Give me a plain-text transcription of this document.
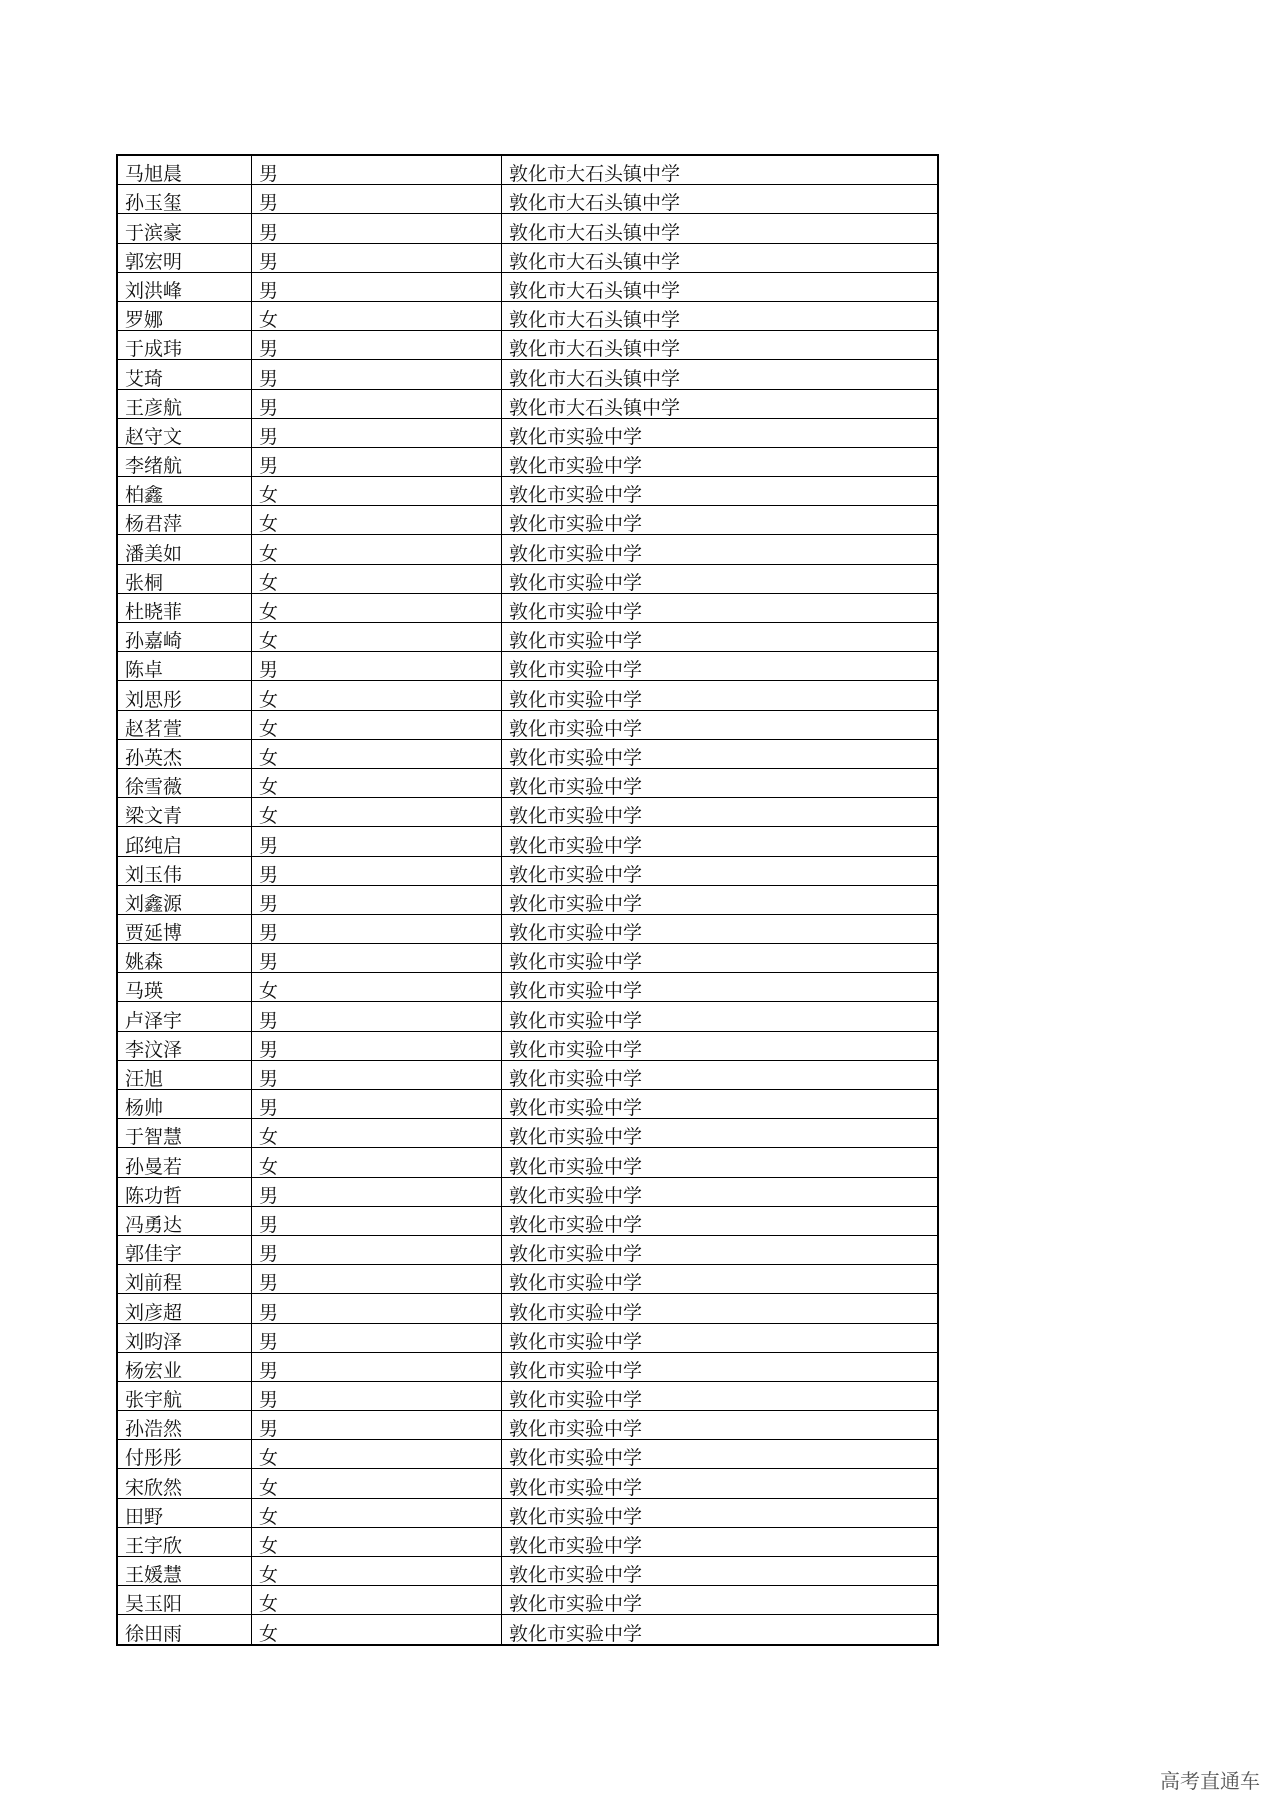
马旭晨	男	敦化市大石头镇中学
孙玉玺	男	敦化市大石头镇中学
于滨豪	男	敦化市大石头镇中学
郭宏明	男	敦化市大石头镇中学
刘洪峰	男	敦化市大石头镇中学
罗娜	女	敦化市大石头镇中学
于成玮	男	敦化市大石头镇中学
艾琦	男	敦化市大石头镇中学
王彦航	男	敦化市大石头镇中学
赵守文	男	敦化市实验中学
李绪航	男	敦化市实验中学
柏鑫	女	敦化市实验中学
杨君萍	女	敦化市实验中学
潘美如	女	敦化市实验中学
张桐	女	敦化市实验中学
杜晓菲	女	敦化市实验中学
孙嘉崎	女	敦化市实验中学
陈卓	男	敦化市实验中学
刘思彤	女	敦化市实验中学
赵茗萱	女	敦化市实验中学
孙英杰	女	敦化市实验中学
徐雪薇	女	敦化市实验中学
梁文青	女	敦化市实验中学
邱纯启	男	敦化市实验中学
刘玉伟	男	敦化市实验中学
刘鑫源	男	敦化市实验中学
贾延博	男	敦化市实验中学
姚森	男	敦化市实验中学
马瑛	女	敦化市实验中学
卢泽宇	男	敦化市实验中学
李汶泽	男	敦化市实验中学
汪旭	男	敦化市实验中学
杨帅	男	敦化市实验中学
于智慧	女	敦化市实验中学
孙曼若	女	敦化市实验中学
陈功哲	男	敦化市实验中学
冯勇达	男	敦化市实验中学
郭佳宇	男	敦化市实验中学
刘前程	男	敦化市实验中学
刘彦超	男	敦化市实验中学
刘昀泽	男	敦化市实验中学
杨宏业	男	敦化市实验中学
张宇航	男	敦化市实验中学
孙浩然	男	敦化市实验中学
付彤彤	女	敦化市实验中学
宋欣然	女	敦化市实验中学
田野	女	敦化市实验中学
王宇欣	女	敦化市实验中学
王媛慧	女	敦化市实验中学
吴玉阳	女	敦化市实验中学
徐田雨	女	敦化市实验中学
高考直通车
